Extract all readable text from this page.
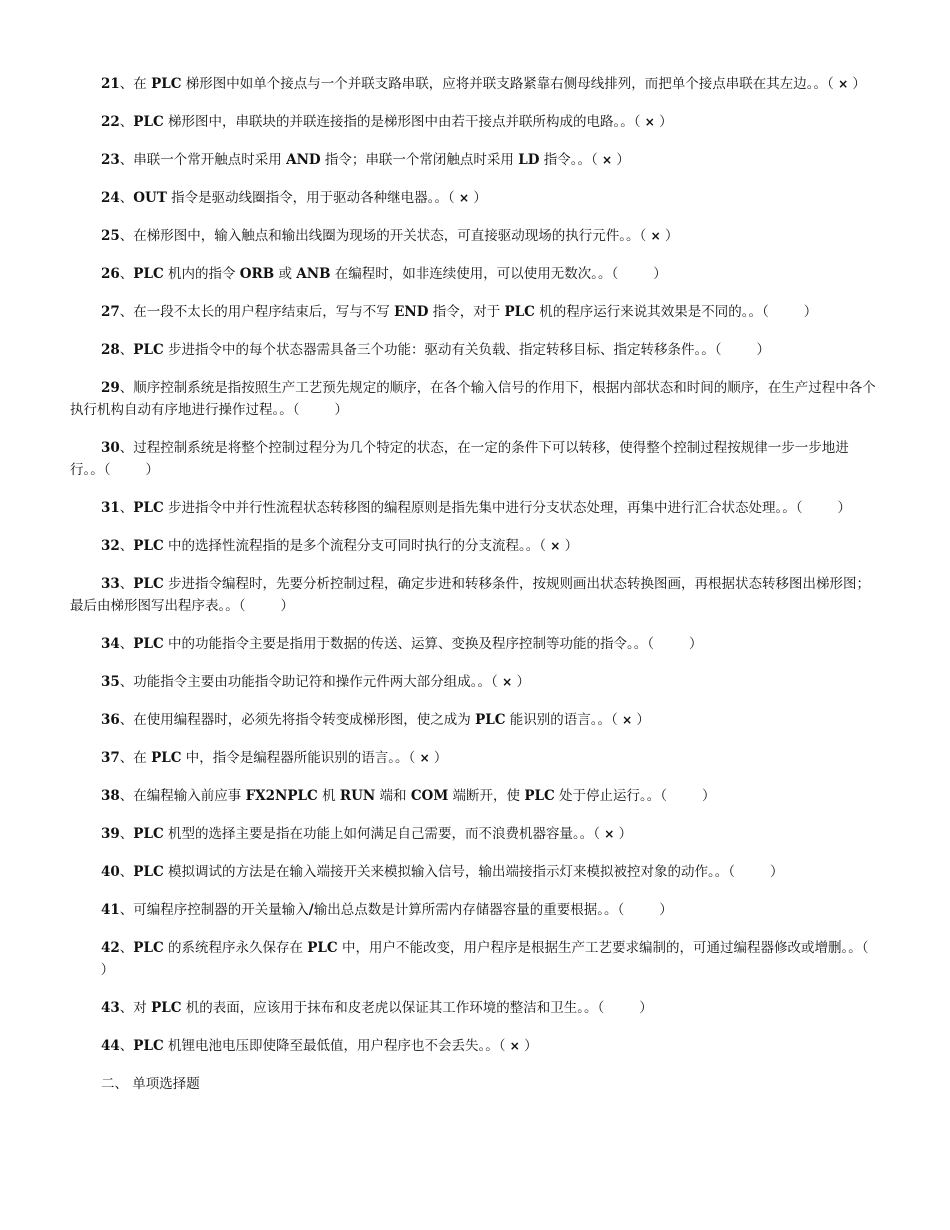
21、在 PLC 梯形图中如单个接点与一个并联支路串联，应将并联支路紧靠右侧母线排列，而把单个接点串联在其左边。。（ × ）

22、PLC 梯形图中，串联块的并联连接指的是梯形图中由若干接点并联所构成的电路。。（ × ）

23、串联一个常开触点时采用 AND 指令；串联一个常闭触点时采用 LD 指令。。（ × ）

24、OUT 指令是驱动线圈指令，用于驱动各种继电器。。（ × ）

25、在梯形图中，输入触点和输出线圈为现场的开关状态，可直接驱动现场的执行元件。。（ × ）

26、PLC 机内的指令 ORB 或 ANB 在编程时，如非连续使用，可以使用无数次。。（  ）

27、在一段不太长的用户程序结束后，写与不写 END 指令，对于 PLC 机的程序运行来说其效果是不同的。。（  ）

28、PLC 步进指令中的每个状态器需具备三个功能：驱动有关负载、指定转移目标、指定转移条件。。（  ）

29、顺序控制系统是指按照生产工艺预先规定的顺序，在各个输入信号的作用下，根据内部状态和时间的顺序，在生产过程中各个执行机构自动有序地进行操作过程。。（  ）

30、过程控制系统是将整个控制过程分为几个特定的状态，在一定的条件下可以转移，使得整个控制过程按规律一步一步地进行。。（  ）

31、PLC 步进指令中并行性流程状态转移图的编程原则是指先集中进行分支状态处理，再集中进行汇合状态处理。。（  ）

32、PLC 中的选择性流程指的是多个流程分支可同时执行的分支流程。。（ × ）

33、PLC 步进指令编程时，先要分析控制过程，确定步进和转移条件，按规则画出状态转换图画，再根据状态转移图出梯形图；最后由梯形图写出程序表。。（  ）

34、PLC 中的功能指令主要是指用于数据的传送、运算、变换及程序控制等功能的指令。。（  ）

35、功能指令主要由功能指令助记符和操作元件两大部分组成。。（ × ）

36、在使用编程器时，必须先将指令转变成梯形图，使之成为 PLC 能识别的语言。。（ × ）

37、在 PLC 中，指令是编程器所能识别的语言。。（ × ）

38、在编程输入前应事 FX2NPLC 机 RUN 端和 COM 端断开，使 PLC 处于停止运行。。（  ）

39、PLC 机型的选择主要是指在功能上如何满足自己需要，而不浪费机器容量。。（ × ）

40、PLC 模拟调试的方法是在输入端接开关来模拟输入信号，输出端接指示灯来模拟被控对象的动作。。（  ）

41、可编程序控制器的开关量输入/输出总点数是计算所需内存储器容量的重要根据。。（  ）

42、PLC 的系统程序永久保存在 PLC 中，用户不能改变，用户程序是根据生产工艺要求编制的，可通过编程器修改或增删。。（  ）

43、对 PLC 机的表面，应该用于抹布和皮老虎以保证其工作环境的整洁和卫生。。（  ）

44、PLC 机锂电池电压即使降至最低值，用户程序也不会丢失。。（ × ）

二、 单项选择题
